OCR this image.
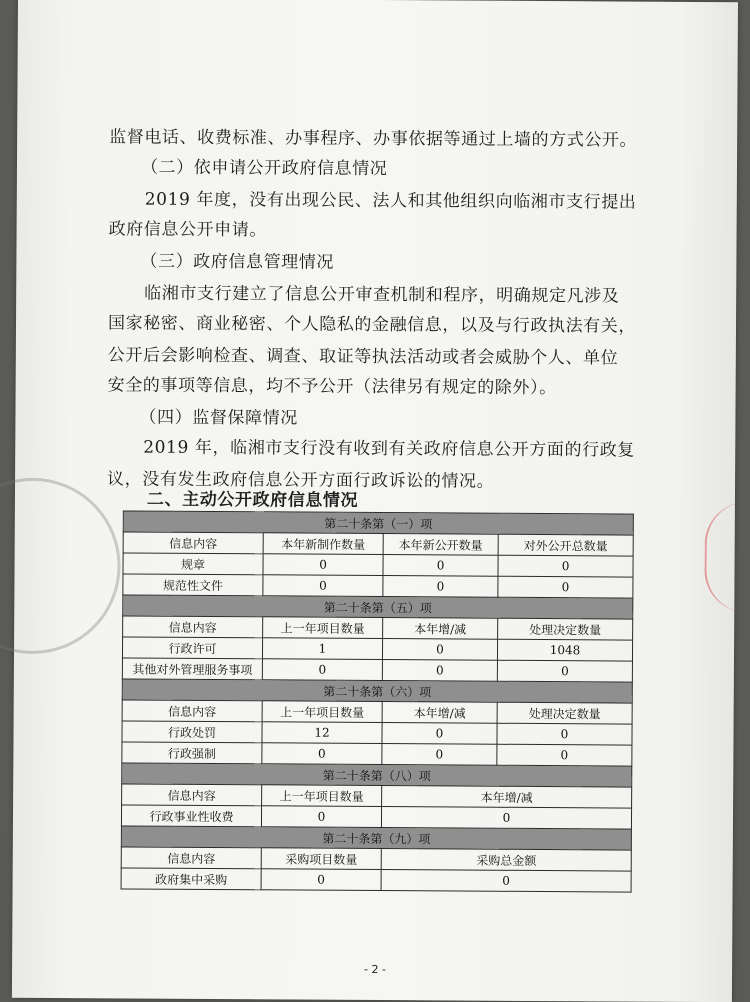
监督电话、收费标准、办事程序、办事依据等通过上墙的方式公开。
（二）依申请公开政府信息情况
2019 年度，没有出现公民、法人和其他组织向临湘市支行提出
政府信息公开申请。
（三）政府信息管理情况
临湘市支行建立了信息公开审查机制和程序，明确规定凡涉及
国家秘密、商业秘密、个人隐私的金融信息，以及与行政执法有关，
公开后会影响检查、调查、取证等执法活动或者会威胁个人、单位
安全的事项等信息，均不予公开（法律另有规定的除外）。
（四）监督保障情况
2019 年，临湘市支行没有收到有关政府信息公开方面的行政复
议，没有发生政府信息公开方面行政诉讼的情况。
二、主动公开政府信息情况
第二十条第（一）项			
信息内容	本年新制作数量	本年新公开数量	对外公开总数量
规章	0	0	0
规范性文件	0	0	0
第二十条第（五）项			
信息内容	上一年项目数量	本年增/减	处理决定数量
行政许可	1	0	1048
其他对外管理服务事项	0	0	0
第二十条第（六）项			
信息内容	上一年项目数量	本年增/减	处理决定数量
行政处罚	12	0	0
行政强制	0	0	0
第二十条第（八）项			
信息内容	上一年项目数量	本年增/减	
行政事业性收费	0	0	
第二十条第（九）项			
信息内容	采购项目数量	采购总金额	
政府集中采购	0	0	
- 2 -
